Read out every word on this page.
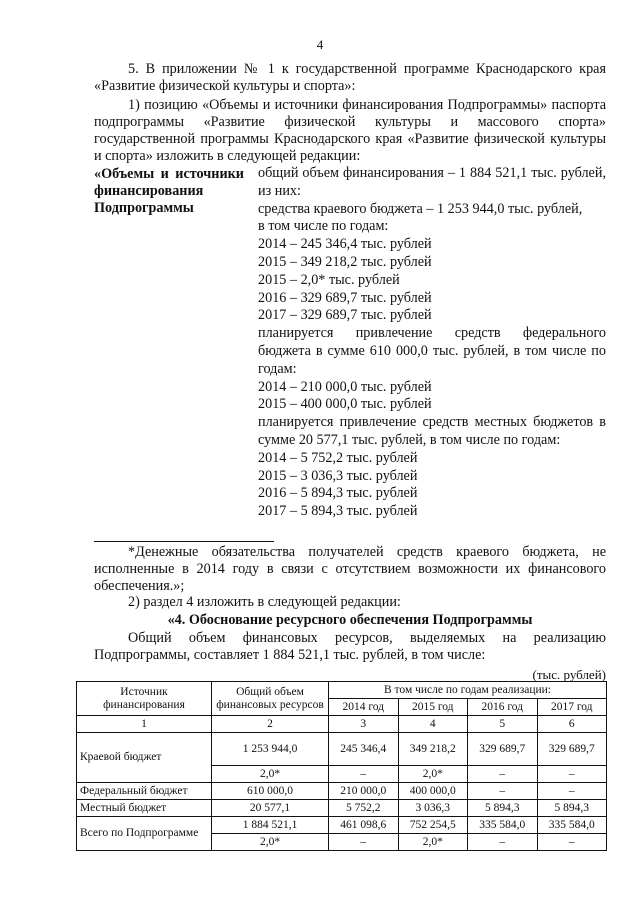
4
5. В приложении № 1 к государственной программе Краснодарского края «Развитие физической культуры и спорта»:
1) позицию «Объемы и источники финансирования Подпрограммы» паспорта подпрограммы «Развитие физической культуры и массового спорта» государственной программы Краснодарского края «Развитие физической культуры и спорта» изложить в следующей редакции:
«Объемы и источники финансирования Подпрограммы
общий объем финансирования – 1 884 521,1 тыс. рублей, из них:
средства краевого бюджета – 1 253 944,0 тыс. рублей,
в том числе по годам:
2014 – 245 346,4 тыс. рублей
2015 – 349 218,2 тыс. рублей
2015 – 2,0* тыс. рублей
2016 – 329 689,7 тыс. рублей
2017 – 329 689,7 тыс. рублей
планируется привлечение средств федерального бюджета в сумме 610 000,0 тыс. рублей, в том числе по годам:
2014 – 210 000,0 тыс. рублей
2015 – 400 000,0 тыс. рублей
планируется привлечение средств местных бюджетов в сумме 20 577,1 тыс. рублей, в том числе по годам:
2014 – 5 752,2 тыс. рублей
2015 – 3 036,3 тыс. рублей
2016 – 5 894,3 тыс. рублей
2017 – 5 894,3 тыс. рублей
*Денежные обязательства получателей средств краевого бюджета, не исполненные в 2014 году в связи с отсутствием возможности их финансового обеспечения.»;
2) раздел 4 изложить в следующей редакции:
«4. Обоснование ресурсного обеспечения Подпрограммы
Общий объем финансовых ресурсов, выделяемых на реализацию Подпрограммы, составляет 1 884 521,1 тыс. рублей, в том числе:
(тыс. рублей)
Источник финансирования	Общий объем финансовых ресурсов	В том числе по годам реализации:			
		2014 год	2015 год	2016 год	2017 год
1	2	3	4	5	6
Краевой бюджет	1 253 944,0	245 346,4	349 218,2	329 689,7	329 689,7
	2,0*	–	2,0*	–	–
Федеральный бюджет	610 000,0	210 000,0	400 000,0	–	–
Местный бюджет	20 577,1	5 752,2	3 036,3	5 894,3	5 894,3
Всего по Подпрограмме	1 884 521,1	461 098,6	752 254,5	335 584,0	335 584,0
	2,0*	–	2,0*	–	–
